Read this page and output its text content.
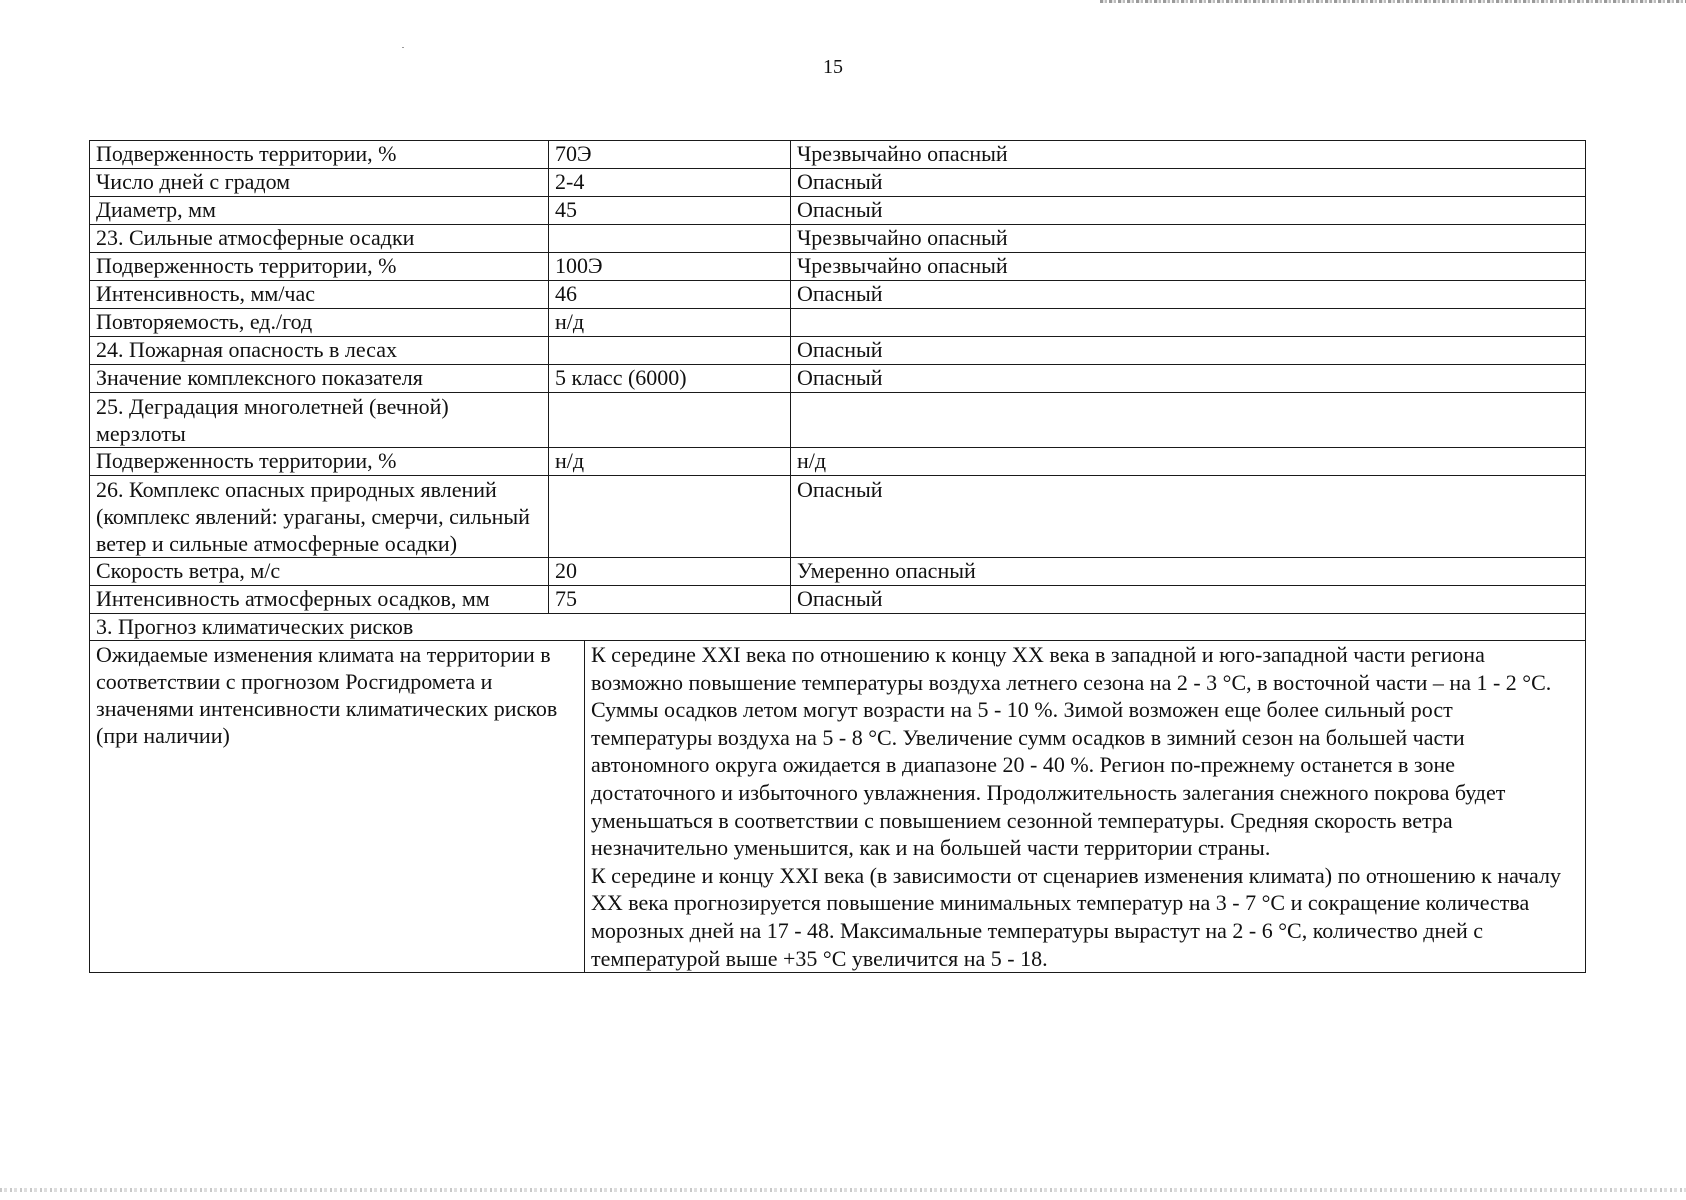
15
Подверженность территории, %	70Э		Чрезвычайно опасный
Число дней с градом	2-4		Опасный
Диаметр, мм	45		Опасный
23. Сильные атмосферные осадки			Чрезвычайно опасный
Подверженность территории, %	100Э		Чрезвычайно опасный
Интенсивность, мм/час	46		Опасный
Повторяемость, ед./год	н/д		
24. Пожарная опасность в лесах			Опасный
Значение комплексного показателя	5 класс (6000)		Опасный
25. Деградация многолетней (вечной) мерзлоты			
Подверженность территории, %	н/д		н/д
26. Комплекс опасных природных явлений (комплекс явлений: ураганы, смерчи, сильный ветер и сильные атмосферные осадки)			Опасный
Скорость ветра, м/с	20		Умеренно опасный
Интенсивность атмосферных осадков, мм	75		Опасный
3. Прогноз климатических рисков			
Ожидаемые изменения климата на территории в соответствии с прогнозом Росгидромета и значенями интенсивности климатических рисков (при наличии)		К середине XXI века по отношению к концу XX века в западной и юго-западной части региона возможно повышение температуры воздуха летнего сезона на 2 - 3 °С, в восточной части – на 1 - 2 °С. Суммы осадков летом могут возрасти на 5 - 10 %. Зимой возможен еще более сильный рост температуры воздуха на 5 - 8 °С. Увеличение сумм осадков в зимний сезон на большей части автономного округа ожидается в диапазоне 20 - 40 %. Регион по-прежнему останется в зоне достаточного и избыточного увлажнения. Продолжительность залегания снежного покрова будет уменьшаться в соответствии с повышением сезонной температуры. Средняя скорость ветра незначительно уменьшится, как и на большей части территории страны.

К середине и концу XXI века (в зависимости от сценариев изменения климата) по отношению к началу XX века прогнозируется повышение минимальных температур на 3 - 7 °С и сокращение количества морозных дней на 17 - 48. Максимальные температуры вырастут на 2 - 6 °С, количество дней с температурой выше +35 °С увеличится на 5 - 18.	
